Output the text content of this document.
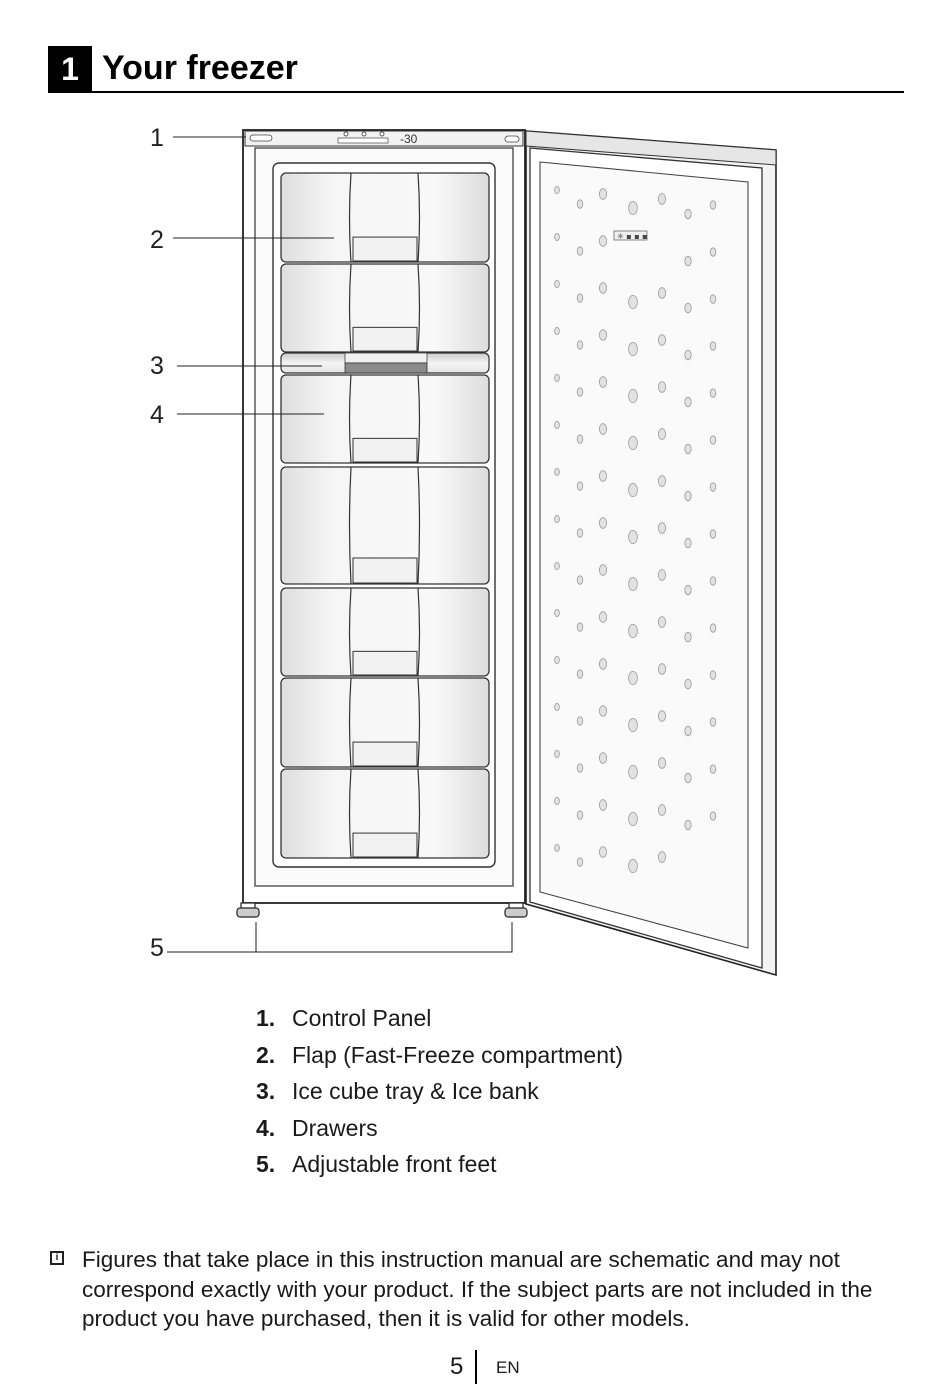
1 Your freezer
-30
✳ ▪ ▪ ▪
1
2
3
4
5
1. Control Panel
2. Flap (Fast-Freeze compartment)
3. Ice cube tray & Ice bank
4. Drawers
5. Adjustable front feet
i Figures that take place in this instruction manual are schematic and may not correspond exactly with your product. If the subject parts are not included in the product you have purchased, then it is valid for other models.
5 EN
